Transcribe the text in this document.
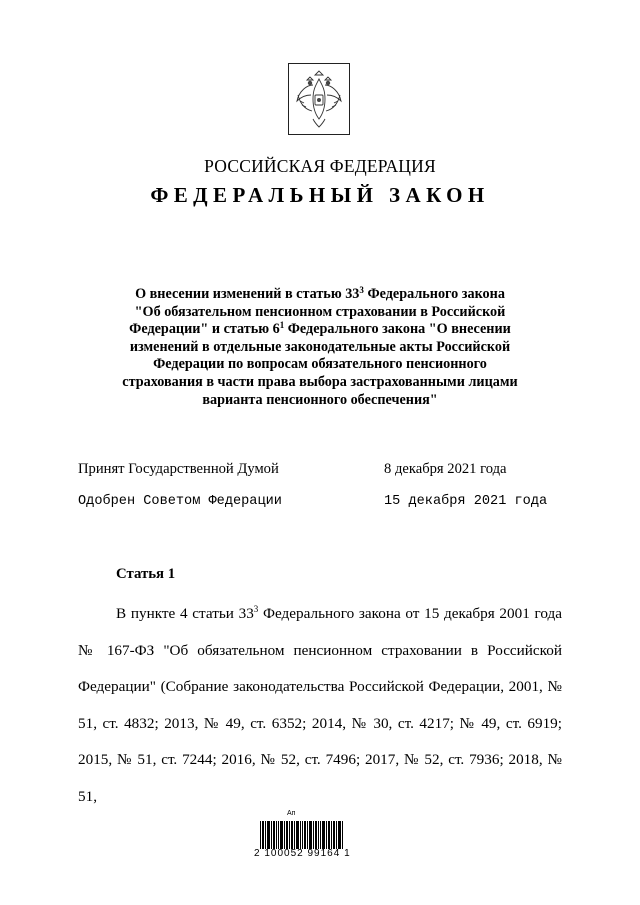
РОССИЙСКАЯ ФЕДЕРАЦИЯ
ФЕДЕРАЛЬНЫЙ ЗАКОН
О внесении изменений в статью $33^3$ Федерального закона
"Об обязательном пенсионном страховании в Российской
Федерации" и статью $6^1$ Федерального закона "О внесении
изменений в отдельные законодательные акты Российской
Федерации по вопросам обязательного пенсионного
страхования в части права выбора застрахованными лицами
варианта пенсионного обеспечения"
Принят Государственной Думой	8 декабря 2021 года
Одобрен Советом Федерации	15 декабря 2021 года
Статья 1

В пункте 4 статьи $33^3$ Федерального закона от 15 декабря 2001 года № 167-ФЗ "Об обязательном пенсионном страховании в Российской Федерации" (Собрание законодательства Российской Федерации, 2001, № 51, ст. 4832; 2013, № 49, ст. 6352; 2014, № 30, ст. 4217; № 49, ст. 6919; 2015, № 51, ст. 7244; 2016, № 52, ст. 7496; 2017, № 52, ст. 7936; 2018, № 51,

Ап
2 100052 99164 1
